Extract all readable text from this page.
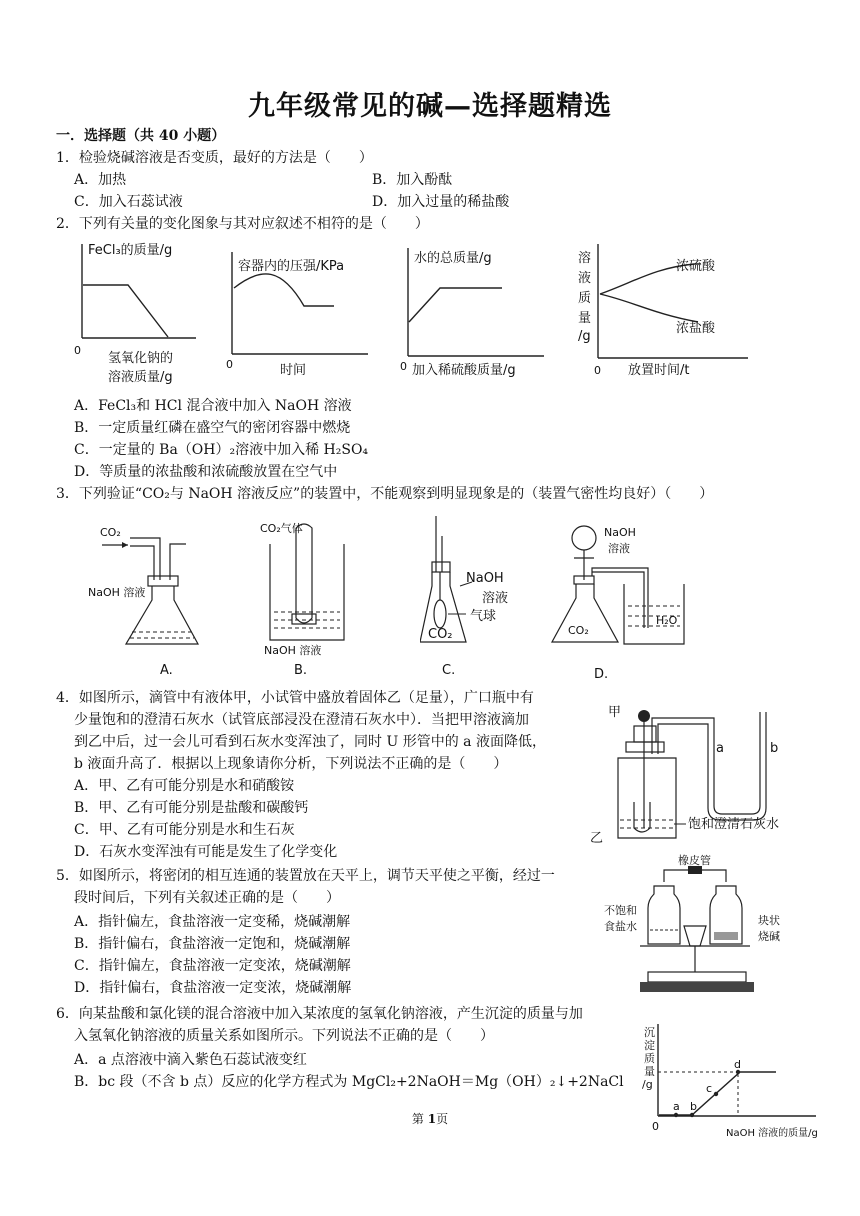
九年级常见的碱—选择题精选
一．选择题（共 40 小题）
1．检验烧碱溶液是否变质，最好的方法是（　　）
A．加热	B．加入酚酞
C．加入石蕊试液	D．加入过量的稀盐酸
2．下列有关量的变化图象与其对应叙述不相符的是（　　）
FeCl₃的质量/g
0
氢氧化钠的
溶液质量/g
容器内的压强/KPa
0	时间
水的总质量/g
0 加入稀硫酸质量/g
溶
液
质
量
/g
0 放置时间/t
浓硫酸
浓盐酸
A．FeCl₃和 HCl 混合液中加入 NaOH 溶液
B．一定质量红磷在盛空气的密闭容器中燃烧
C．一定量的 Ba（OH）₂溶液中加入稀 H₂SO₄
D．等质量的浓盐酸和浓硫酸放置在空气中
3．下列验证“CO₂与 NaOH 溶液反应”的装置中，不能观察到明显现象是的（装置气密性均良好）（　　）
CO₂
NaOH 溶液
A.
CO₂气体
NaOH 溶液
B.
NaOH
溶液
气球
CO₂
C.
NaOH
溶液
CO₂
H₂O
D.
4．如图所示，滴管中有液体甲，小试管中盛放着固体乙（足量），广口瓶中有
少量饱和的澄清石灰水（试管底部浸没在澄清石灰水中）．当把甲溶液滴加
到乙中后，过一会儿可看到石灰水变浑浊了，同时 U 形管中的 a 液面降低，
b 液面升高了．根据以上现象请你分析，下列说法不正确的是（　　）
A．甲、乙有可能分别是水和硝酸铵
B．甲、乙有可能分别是盐酸和碳酸钙
C．甲、乙有可能分别是水和生石灰
D．石灰水变浑浊有可能是发生了化学变化
甲
乙
a	b
饱和澄清石灰水
5．如图所示，将密闭的相互连通的装置放在天平上，调节天平使之平衡，经过一
段时间后，下列有关叙述正确的是（　　）
A．指针偏左，食盐溶液一定变稀，烧碱潮解
B．指针偏右，食盐溶液一定饱和，烧碱潮解
C．指针偏左，食盐溶液一定变浓，烧碱潮解
D．指针偏右，食盐溶液一定变浓，烧碱潮解
橡皮管
不饱和
食盐水	块状
烧碱
6．向某盐酸和氯化镁的混合溶液中加入某浓度的氢氧化钠溶液，产生沉淀的质量与加
入氢氧化钠溶液的质量关系如图所示。下列说法不正确的是（　　）
A．a 点溶液中滴入紫色石蕊试液变红
B．bc 段（不含 b 点）反应的化学方程式为 MgCl₂+2NaOH＝Mg（OH）₂↓+2NaCl
a b
c
d
沉
淀
质
量
/g
0
NaOH 溶液的质量/g
第 1页
